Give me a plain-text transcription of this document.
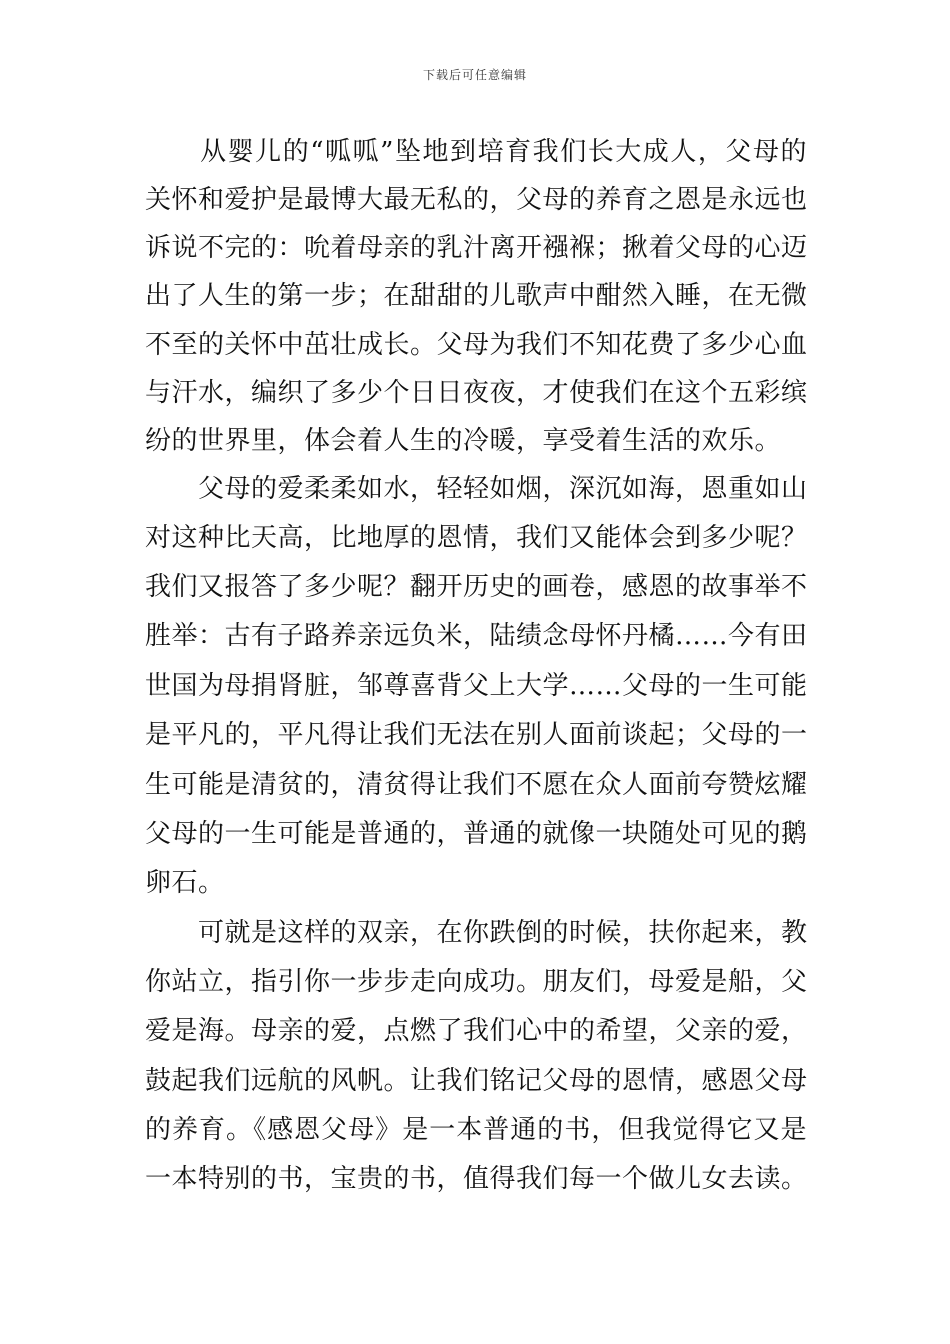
下载后可任意编辑
　　从婴儿的“呱呱”坠地到培育我们长大成人，父母的
关怀和爱护是最博大最无私的，父母的养育之恩是永远也
诉说不完的：吮着母亲的乳汁离开襁褓；揪着父母的心迈
出了人生的第一步；在甜甜的儿歌声中酣然入睡，在无微
不至的关怀中茁壮成长。父母为我们不知花费了多少心血
与汗水，编织了多少个日日夜夜，才使我们在这个五彩缤
纷的世界里，体会着人生的冷暖，享受着生活的欢乐。
　　父母的爱柔柔如水，轻轻如烟，深沉如海，恩重如山
对这种比天高，比地厚的恩情，我们又能体会到多少呢？
我们又报答了多少呢？翻开历史的画卷，感恩的故事举不
胜举：古有子路养亲远负米，陆绩念母怀丹橘……今有田
世国为母捐肾脏，邹尊喜背父上大学……父母的一生可能
是平凡的，平凡得让我们无法在别人面前谈起；父母的一
生可能是清贫的，清贫得让我们不愿在众人面前夸赞炫耀
父母的一生可能是普通的，普通的就像一块随处可见的鹅
卵石。
　　可就是这样的双亲，在你跌倒的时候，扶你起来，教
你站立，指引你一步步走向成功。朋友们，母爱是船，父
爱是海。母亲的爱，点燃了我们心中的希望，父亲的爱，
鼓起我们远航的风帆。让我们铭记父母的恩情，感恩父母
的养育。《感恩父母》是一本普通的书，但我觉得它又是
一本特别的书，宝贵的书，值得我们每一个做儿女去读。
